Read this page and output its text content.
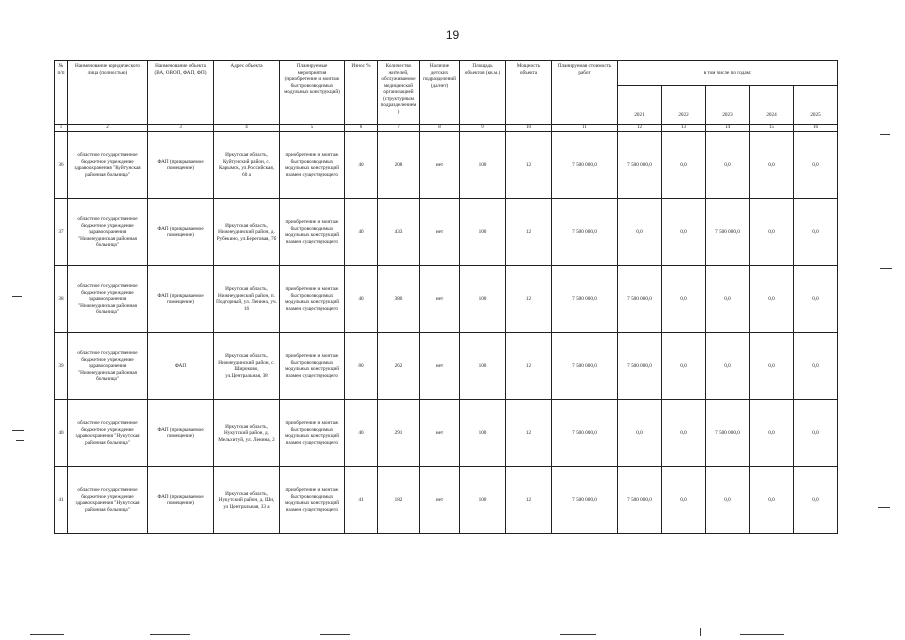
19
№ п/п	Наименование юридического лица (полностью)	Наименование объекта (ВА, ОВОП, ФАП, ФП)	Адрес объекта	Планируемые мероприятия (приобретение и монтаж быстровозводимых модульных конструкций)	Износ %	Количество жителей, обслуживаемое медицинской организацией (структурным подразделением)	Наличие детских подразделений (да/нет)	Площадь объектов (кв.м.)	Мощность объекта	Планируемая стоимость работ	в том числе по годам:				
											2021	2022	2023	2024	2025
1	2	3	4	5	6	7	8	9	10	11	12	13	14	15	16
36	областное государственное бюджетное учреждение здравоохранения "Куйтунская районная больница"	ФАП (прикрываемое помещение)	Иркутская область, Куйтунский район, с. Карымск, ул.Российская, 60 а	приобретение и монтаж быстровозводимых модульных конструкций взамен существующего	40	208	нет	100	12	7 500 000,0	7 500 000,0	0,0	0,0	0,0	0,0
37	областное государственное бюджетное учреждение здравоохранения "Нижнеудинская районная больница"	ФАП (прикрываемое помещение)	Иркутская область, Нижнеудинский район, д. Рубекино, ул.Береговая, 7б	приобретение и монтаж быстровозводимых модульных конструкций взамен существующего	40	433	нет	100	12	7 500 000,0	0,0	0,0	7 500 000,0	0,0	0,0
38	областное государственное бюджетное учреждение здравоохранения "Нижнеудинская районная больница"	ФАП (прикрываемое помещение)	Иркутская область, Нижнеудинский район, п. Подгорный, ул. Ленина, уч. 16	приобретение и монтаж быстровозводимых модульных конструкций взамен существующего	40	380	нет	100	12	7 500 000,0	7 500 000,0	0,0	0,0	0,0	0,0
39	областное государственное бюджетное учреждение здравоохранения "Нижнеудинская районная больница"	ФАП	Иркутская область, Нижнеудинский район, с. Широково, ул.Центральная, 38	приобретение и монтаж быстровозводимых модульных конструкций взамен существующего	80	262	нет	100	12	7 500 000,0	7 500 000,0	0,0	0,0	0,0	0,0
40	областное государственное бюджетное учреждение здравоохранения "Нукутская районная больница"	ФАП (прикрываемое помещение)	Иркутская область, Нукутский район, д. Мельхитуй, ул. Ленина, 2	приобретение и монтаж быстровозводимых модульных конструкций взамен существующего	40	291	нет	100	12	7 500 000,0	0,0	0,0	7 500 000,0	0,0	0,0
41	областное государственное бюджетное учреждение здравоохранения "Нукутская районная больница"	ФАП (прикрываемое помещение)	Иркутская область, Нукутский район, д. Ши, ул Центральная, 33 а	приобретение и монтаж быстровозводимых модульных конструкций взамен существующего	41	182	нет	100	12	7 500 000,0	7 500 000,0	0,0	0,0	0,0	0,0
